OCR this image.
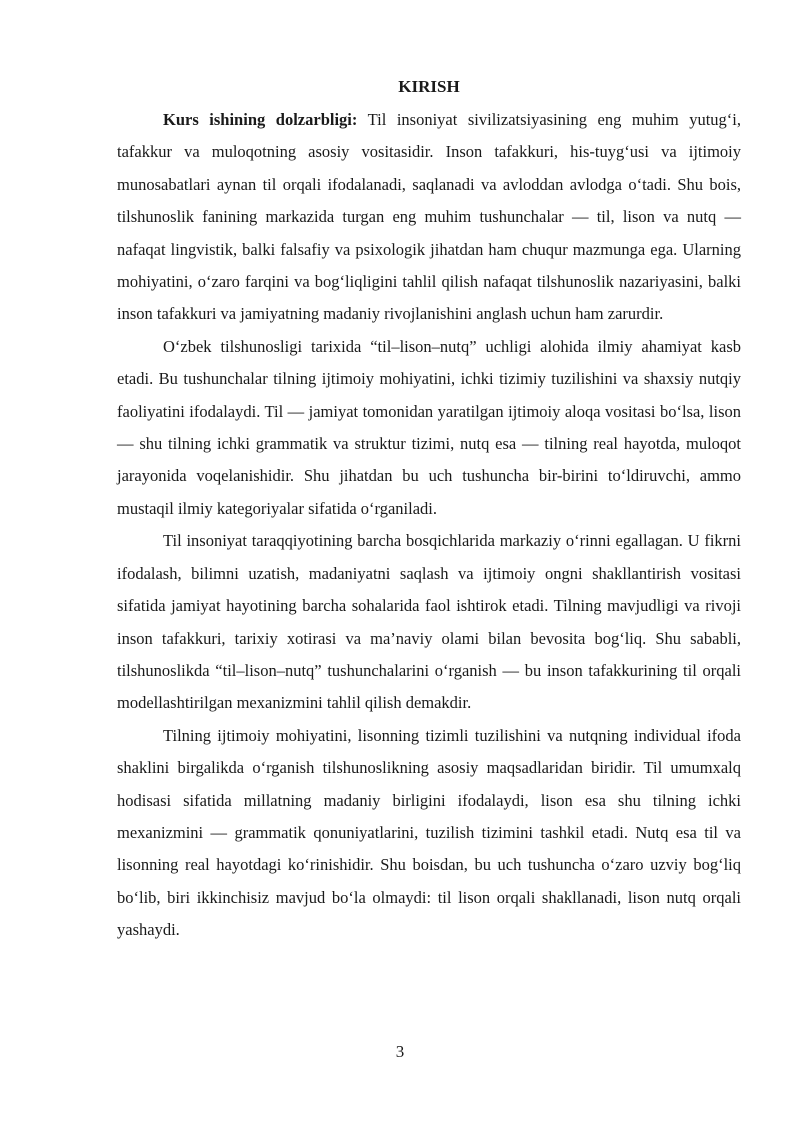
KIRISH

Kurs ishining dolzarbligi: Til insoniyat sivilizatsiyasining eng muhim yutug‘i, tafakkur va muloqotning asosiy vositasidir. Inson tafakkuri, his-tuyg‘usi va ijtimoiy munosabatlari aynan til orqali ifodalanadi, saqlanadi va avloddan avlodga o‘tadi. Shu bois, tilshunoslik fanining markazida turgan eng muhim tushunchalar — til, lison va nutq — nafaqat lingvistik, balki falsafiy va psixologik jihatdan ham chuqur mazmunga ega. Ularning mohiyatini, o‘zaro farqini va bog‘liqligini tahlil qilish nafaqat tilshunoslik nazariyasini, balki inson tafakkuri va jamiyatning madaniy rivojlanishini anglash uchun ham zarurdir.

O‘zbek tilshunosligi tarixida “til–lison–nutq” uchligi alohida ilmiy ahamiyat kasb etadi. Bu tushunchalar tilning ijtimoiy mohiyatini, ichki tizimiy tuzilishini va shaxsiy nutqiy faoliyatini ifodalaydi. Til — jamiyat tomonidan yaratilgan ijtimoiy aloqa vositasi bo‘lsa, lison — shu tilning ichki grammatik va struktur tizimi, nutq esa — tilning real hayotda, muloqot jarayonida voqelanishidir. Shu jihatdan bu uch tushuncha bir-birini to‘ldiruvchi, ammo mustaqil ilmiy kategoriyalar sifatida o‘rganiladi.

Til insoniyat taraqqiyotining barcha bosqichlarida markaziy o‘rinni egallagan. U fikrni ifodalash, bilimni uzatish, madaniyatni saqlash va ijtimoiy ongni shakllantirish vositasi sifatida jamiyat hayotining barcha sohalarida faol ishtirok etadi. Tilning mavjudligi va rivoji inson tafakkuri, tarixiy xotirasi va ma’naviy olami bilan bevosita bog‘liq. Shu sababli, tilshunoslikda “til–lison–nutq” tushunchalarini o‘rganish — bu inson tafakkurining til orqali modellashtirilgan mexanizmini tahlil qilish demakdir.

Tilning ijtimoiy mohiyatini, lisonning tizimli tuzilishini va nutqning individual ifoda shaklini birgalikda o‘rganish tilshunoslikning asosiy maqsadlaridan biridir. Til umumxalq hodisasi sifatida millatning madaniy birligini ifodalaydi, lison esa shu tilning ichki mexanizmini — grammatik qonuniyatlarini, tuzilish tizimini tashkil etadi. Nutq esa til va lisonning real hayotdagi ko‘rinishidir. Shu boisdan, bu uch tushuncha o‘zaro uzviy bog‘liq bo‘lib, biri ikkinchisiz mavjud bo‘la olmaydi: til lison orqali shakllanadi, lison nutq orqali yashaydi.

3
